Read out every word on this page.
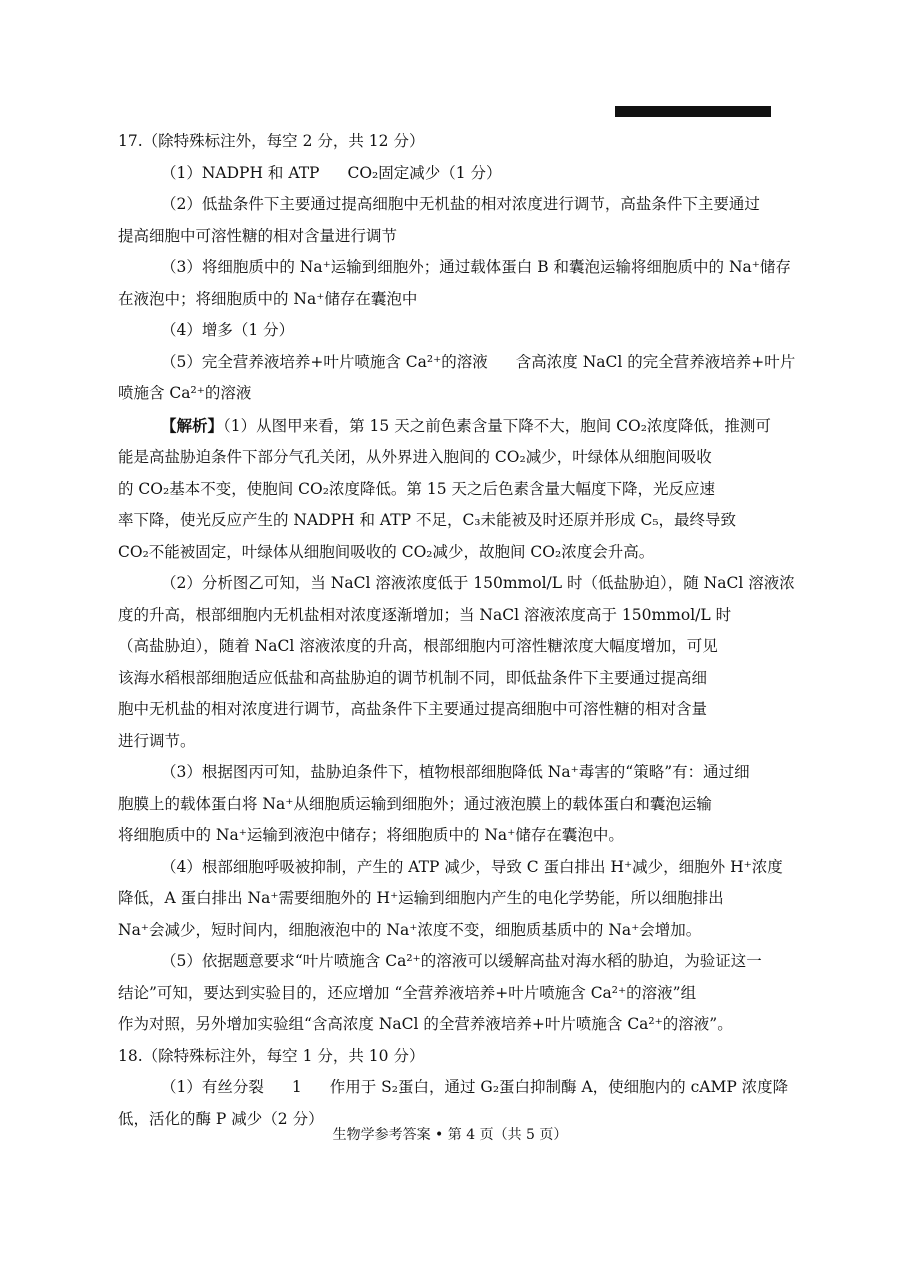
17.（除特殊标注外，每空 2 分，共 12 分）
（1）NADPH 和 ATP CO₂固定减少（1 分）
（2）低盐条件下主要通过提高细胞中无机盐的相对浓度进行调节，高盐条件下主要通过
提高细胞中可溶性糖的相对含量进行调节
（3）将细胞质中的 Na⁺运输到细胞外；通过载体蛋白 B 和囊泡运输将细胞质中的 Na⁺储存
在液泡中；将细胞质中的 Na⁺储存在囊泡中
（4）增多（1 分）
（5）完全营养液培养+叶片喷施含 Ca²⁺的溶液 含高浓度 NaCl 的完全营养液培养+叶片
喷施含 Ca²⁺的溶液
【解析】（1）从图甲来看，第 15 天之前色素含量下降不大，胞间 CO₂浓度降低，推测可
能是高盐胁迫条件下部分气孔关闭，从外界进入胞间的 CO₂减少，叶绿体从细胞间吸收
的 CO₂基本不变，使胞间 CO₂浓度降低。第 15 天之后色素含量大幅度下降，光反应速
率下降，使光反应产生的 NADPH 和 ATP 不足，C₃未能被及时还原并形成 C₅，最终导致
CO₂不能被固定，叶绿体从细胞间吸收的 CO₂减少，故胞间 CO₂浓度会升高。
（2）分析图乙可知，当 NaCl 溶液浓度低于 150mmol/L 时（低盐胁迫），随 NaCl 溶液浓
度的升高，根部细胞内无机盐相对浓度逐渐增加；当 NaCl 溶液浓度高于 150mmol/L 时
（高盐胁迫），随着 NaCl 溶液浓度的升高，根部细胞内可溶性糖浓度大幅度增加，可见
该海水稻根部细胞适应低盐和高盐胁迫的调节机制不同，即低盐条件下主要通过提高细
胞中无机盐的相对浓度进行调节，高盐条件下主要通过提高细胞中可溶性糖的相对含量
进行调节。
（3）根据图丙可知，盐胁迫条件下，植物根部细胞降低 Na⁺毒害的“策略”有：通过细
胞膜上的载体蛋白将 Na⁺从细胞质运输到细胞外；通过液泡膜上的载体蛋白和囊泡运输
将细胞质中的 Na⁺运输到液泡中储存；将细胞质中的 Na⁺储存在囊泡中。
（4）根部细胞呼吸被抑制，产生的 ATP 减少，导致 C 蛋白排出 H⁺减少，细胞外 H⁺浓度
降低，A 蛋白排出 Na⁺需要细胞外的 H⁺运输到细胞内产生的电化学势能，所以细胞排出
Na⁺会减少，短时间内，细胞液泡中的 Na⁺浓度不变，细胞质基质中的 Na⁺会增加。
（5）依据题意要求“叶片喷施含 Ca²⁺的溶液可以缓解高盐对海水稻的胁迫，为验证这一
结论”可知，要达到实验目的，还应增加 “全营养液培养+叶片喷施含 Ca²⁺的溶液”组
作为对照，另外增加实验组“含高浓度 NaCl 的全营养液培养+叶片喷施含 Ca²⁺的溶液”。
18.（除特殊标注外，每空 1 分，共 10 分）
（1）有丝分裂 1 作用于 S₂蛋白，通过 G₂蛋白抑制酶 A，使细胞内的 cAMP 浓度降
低，活化的酶 P 减少（2 分）
生物学参考答案 • 第 4 页（共 5 页）
